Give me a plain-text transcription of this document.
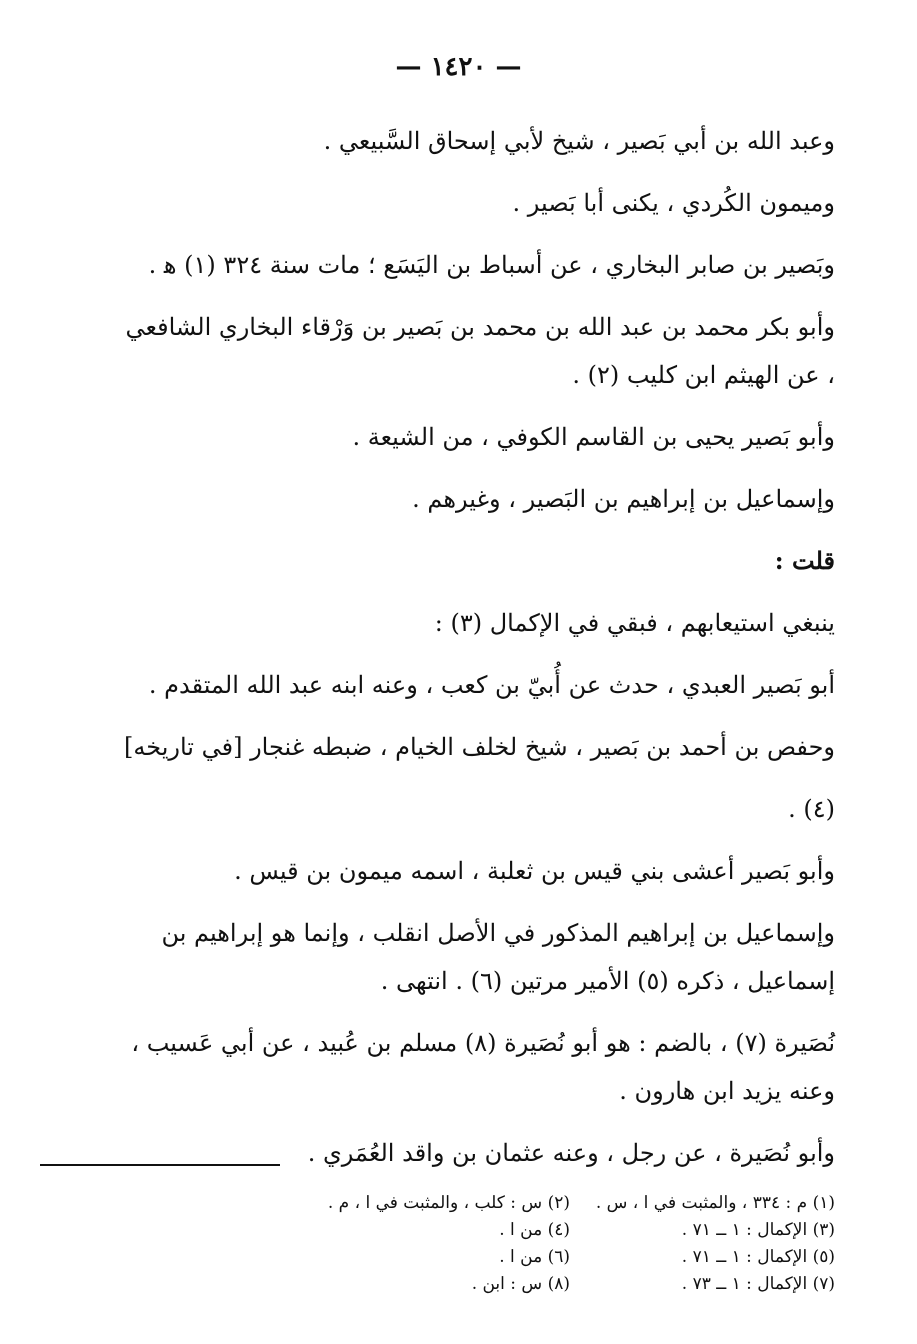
— ١٤٢٠ —

وعبد الله بن أبي بَصير ، شيخ لأبي إسحاق السَّبيعي .

وميمون الكُردي ، يكنى أبا بَصير .

وبَصير بن صابر البخاري ، عن أسباط بن اليَسَع ؛ مات سنة ٣٢٤ (١) ﻫ .

وأبو بكر محمد بن عبد الله بن محمد بن بَصير بن وَرْقاء البخاري الشافعي ، عن الهيثم ابن كليب (٢) .

وأبو بَصير يحيى بن القاسم الكوفي ، من الشيعة .

وإسماعيل بن إبراهيم بن البَصير ، وغيرهم .

قلت :

ينبغي استيعابهم ، فبقي في الإكمال (٣) :

أبو بَصير العبدي ، حدث عن أُبيّ بن كعب ، وعنه ابنه عبد الله المتقدم .

وحفص بن أحمد بن بَصير ، شيخ لخلف الخيام ، ضبطه غنجار [في تاريخه] (٤) .

وأبو بَصير أعشى بني قيس بن ثعلبة ، اسمه ميمون بن قيس .

وإسماعيل بن إبراهيم المذكور في الأصل انقلب ، وإنما هو إبراهيم بن إسماعيل ، ذكره (٥) الأمير مرتين (٦) . انتهى .

نُصَيرة (٧) ، بالضم : هو أبو نُصَيرة (٨) مسلم بن عُبيد ، عن أبي عَسيب ، وعنه يزيد ابن هارون .

وأبو نُصَيرة ، عن رجل ، وعنه عثمان بن واقد العُمَري .

(١) م : ٣٣٤ ، والمثبت في ا ، س .
(٢) س : كلب ، والمثبت في ا ، م .
(٣) الإكمال : ١ ــ ٧١ .
(٤) من ا .
(٥) الإكمال : ١ ــ ٧١ .
(٦) من ا .
(٧) الإكمال : ١ ــ ٧٣ .
(٨) س : ابن .
